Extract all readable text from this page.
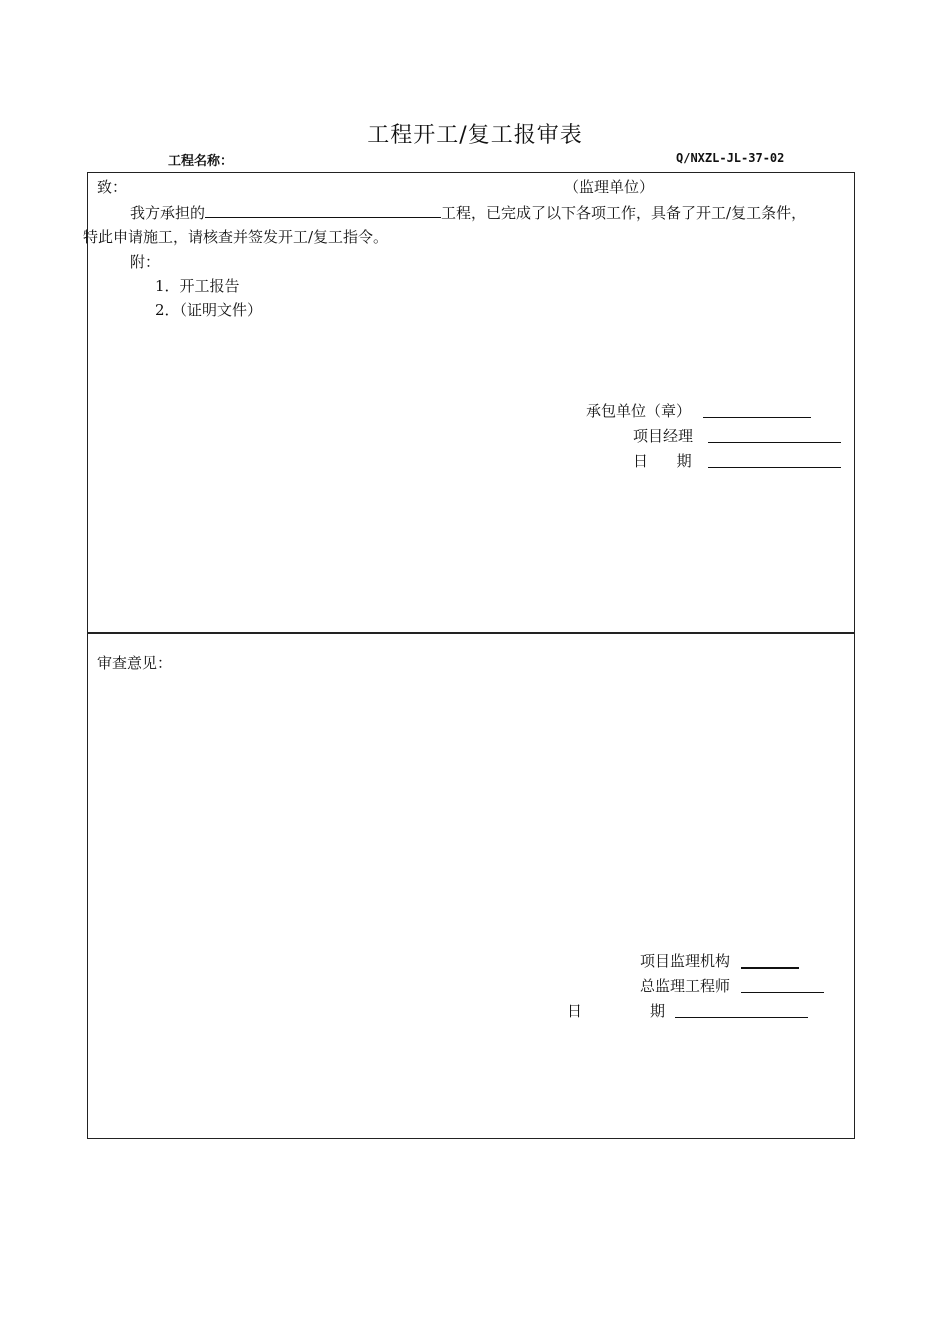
工程开工/复工报审表
工程名称：	Q/NXZL-JL-37-02
致：	（监理单位）
我方承担的	工程，已完成了以下各项工作，具备了开工/复工条件，
特此申请施工，请核查并签发开工/复工指令。
附：
1．开工报告
2．（证明文件）
承包单位（章）
项目经理
日      期
审查意见：
项目监理机构
总监理工程师
日	期
